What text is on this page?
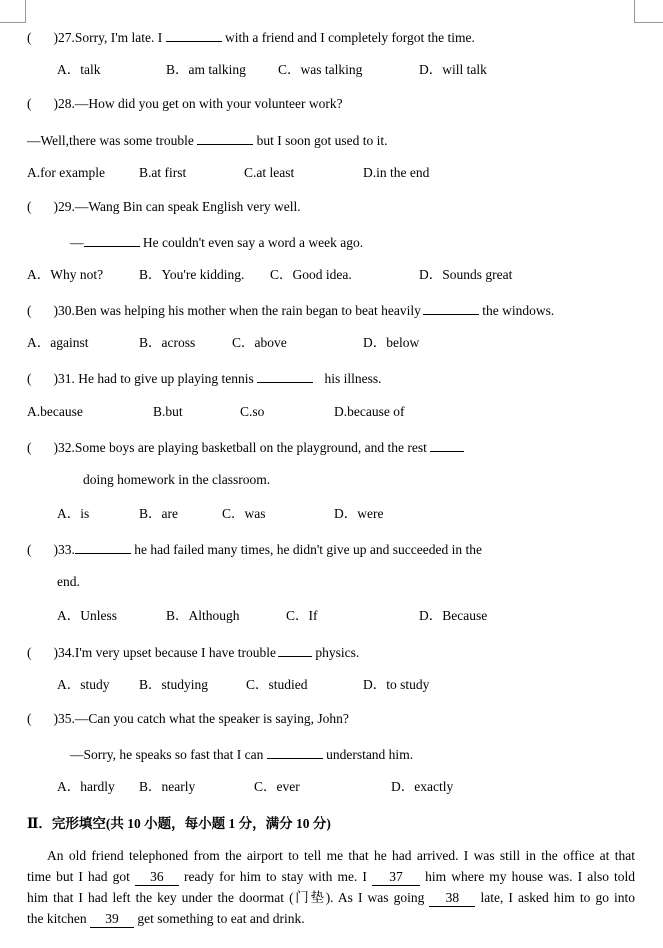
( )27.Sorry, I'm late. I	with a friend and I completely forgot the time.
A．talk	B．am talking C．was talking	D．will talk
( )28.—How did you get on with your volunteer work?
—Well,there was some trouble	but I soon got used to it.
A.for example	B.at first	C.at least	D.in the end
( )29.—Wang Bin can speak English very well.
—	He couldn't even say a word a week ago.
A．Why not?	B．You're kidding. C．Good idea.	D．Sounds great
( )30.Ben was helping his mother when the rain began to beat heavily	the windows.
A．against	B．across	C．above	D．below
( )31. He had to give up playing tennis	his illness.
A.because	B.but	C.so	D.because of
( )32.Some boys are playing basketball on the playground, and the rest
doing homework in the classroom.
A．is	B．are	C．was	D．were
( )33.	he had failed many times, he didn't give up and succeeded in the
end.
A．Unless	B．Although	C．If	D．Because
( )34.I'm very upset because I have trouble	physics.
A．study B．studying	C．studied	D．to study
( )35.—Can you catch what the speaker is saying, John?
—Sorry, he speaks so fast that I can	understand him.
A．hardly B．nearly	C．ever	D．exactly
Ⅱ．完形填空(共 10 小题，每小题 1 分，满分 10 分)
An old friend telephoned from the airport to tell me that he had arrived. I was still in the office at that
time but I had got 36 ready for him to stay with me. I 37 him where my house was. I also told
him that I had left the key under the doormat (门垫). As I was going 38 late, I asked him to go into
the kitchen 39 get something to eat and drink.
